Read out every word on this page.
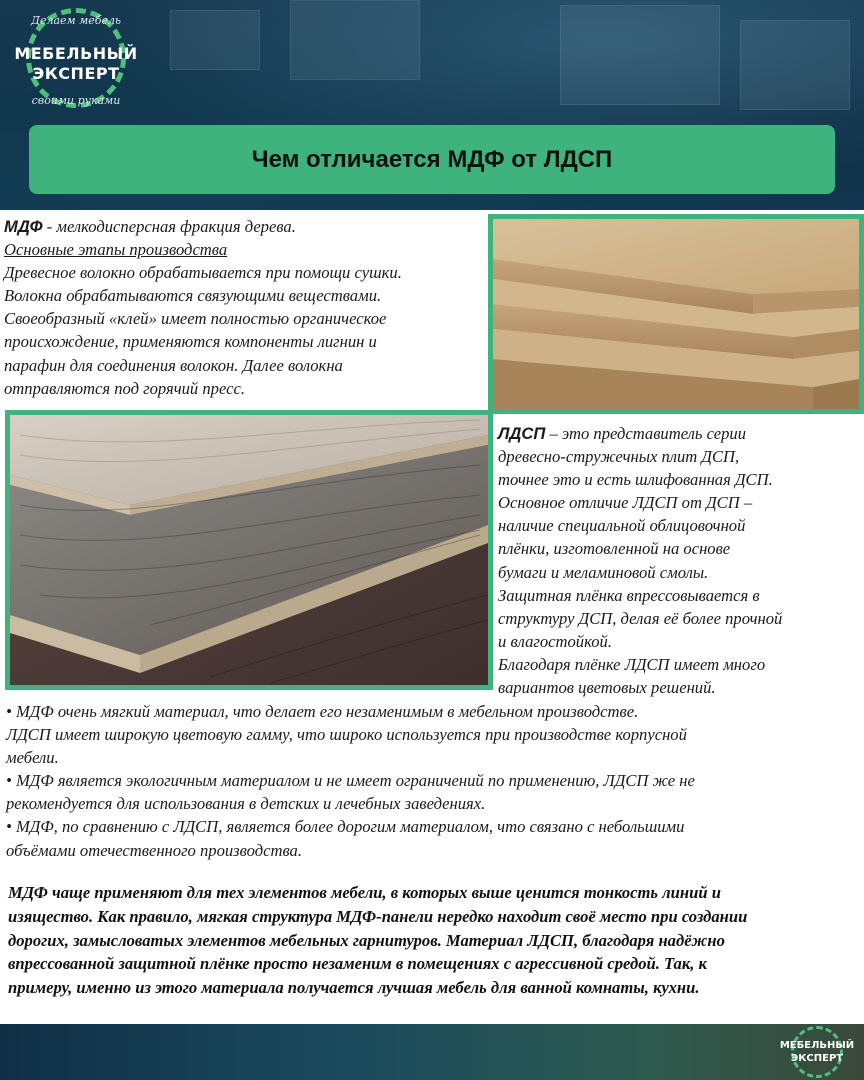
Делаем мебель
МЕБЕЛЬНЫЙ
ЭКСПЕРТ
своими руками
Чем отличается МДФ от ЛДСП
МДФ - мелкодисперсная фракция дерева.
Основные этапы производства
Древесное волокно обрабатывается при помощи сушки.
Волокна обрабатываются связующими веществами.
Своеобразный «клей» имеет полностью органическое
происхождение, применяются компоненты лигнин и
парафин для соединения волокон. Далее волокна
отправляются под горячий пресс.
ЛДСП – это представитель серии
древесно-стружечных плит ДСП,
точнее это и есть шлифованная ДСП.
Основное отличие ЛДСП от ДСП –
наличие специальной облицовочной
плёнки, изготовленной на основе
бумаги и меламиновой смолы.
Защитная плёнка впрессовывается в
структуру ДСП, делая её более прочной
и влагостойкой.
Благодаря плёнке ЛДСП имеет много
вариантов цветовых решений.
• МДФ очень мягкий материал, что делает его незаменимым в мебельном производстве.
ЛДСП имеет широкую цветовую гамму, что широко используется при производстве корпусной
мебели.
• МДФ является экологичным материалом и не имеет ограничений по применению, ЛДСП же не
рекомендуется для использования в детских и лечебных заведениях.
• МДФ, по сравнению с ЛДСП, является более дорогим материалом, что связано с небольшими
объёмами отечественного производства.
МДФ чаще применяют для тех элементов мебели, в которых выше ценится тонкость линий и
изящество. Как правило, мягкая структура МДФ-панели нередко находит своё место при создании
дорогих, замысловатых элементов мебельных гарнитуров. Материал ЛДСП, благодаря надёжно
впрессованной защитной плёнке просто незаменим в помещениях с агрессивной средой. Так, к
примеру, именно из этого материала получается лучшая мебель для ванной комнаты, кухни.
МЕБЕЛЬНЫЙ
ЭКСПЕРТ
